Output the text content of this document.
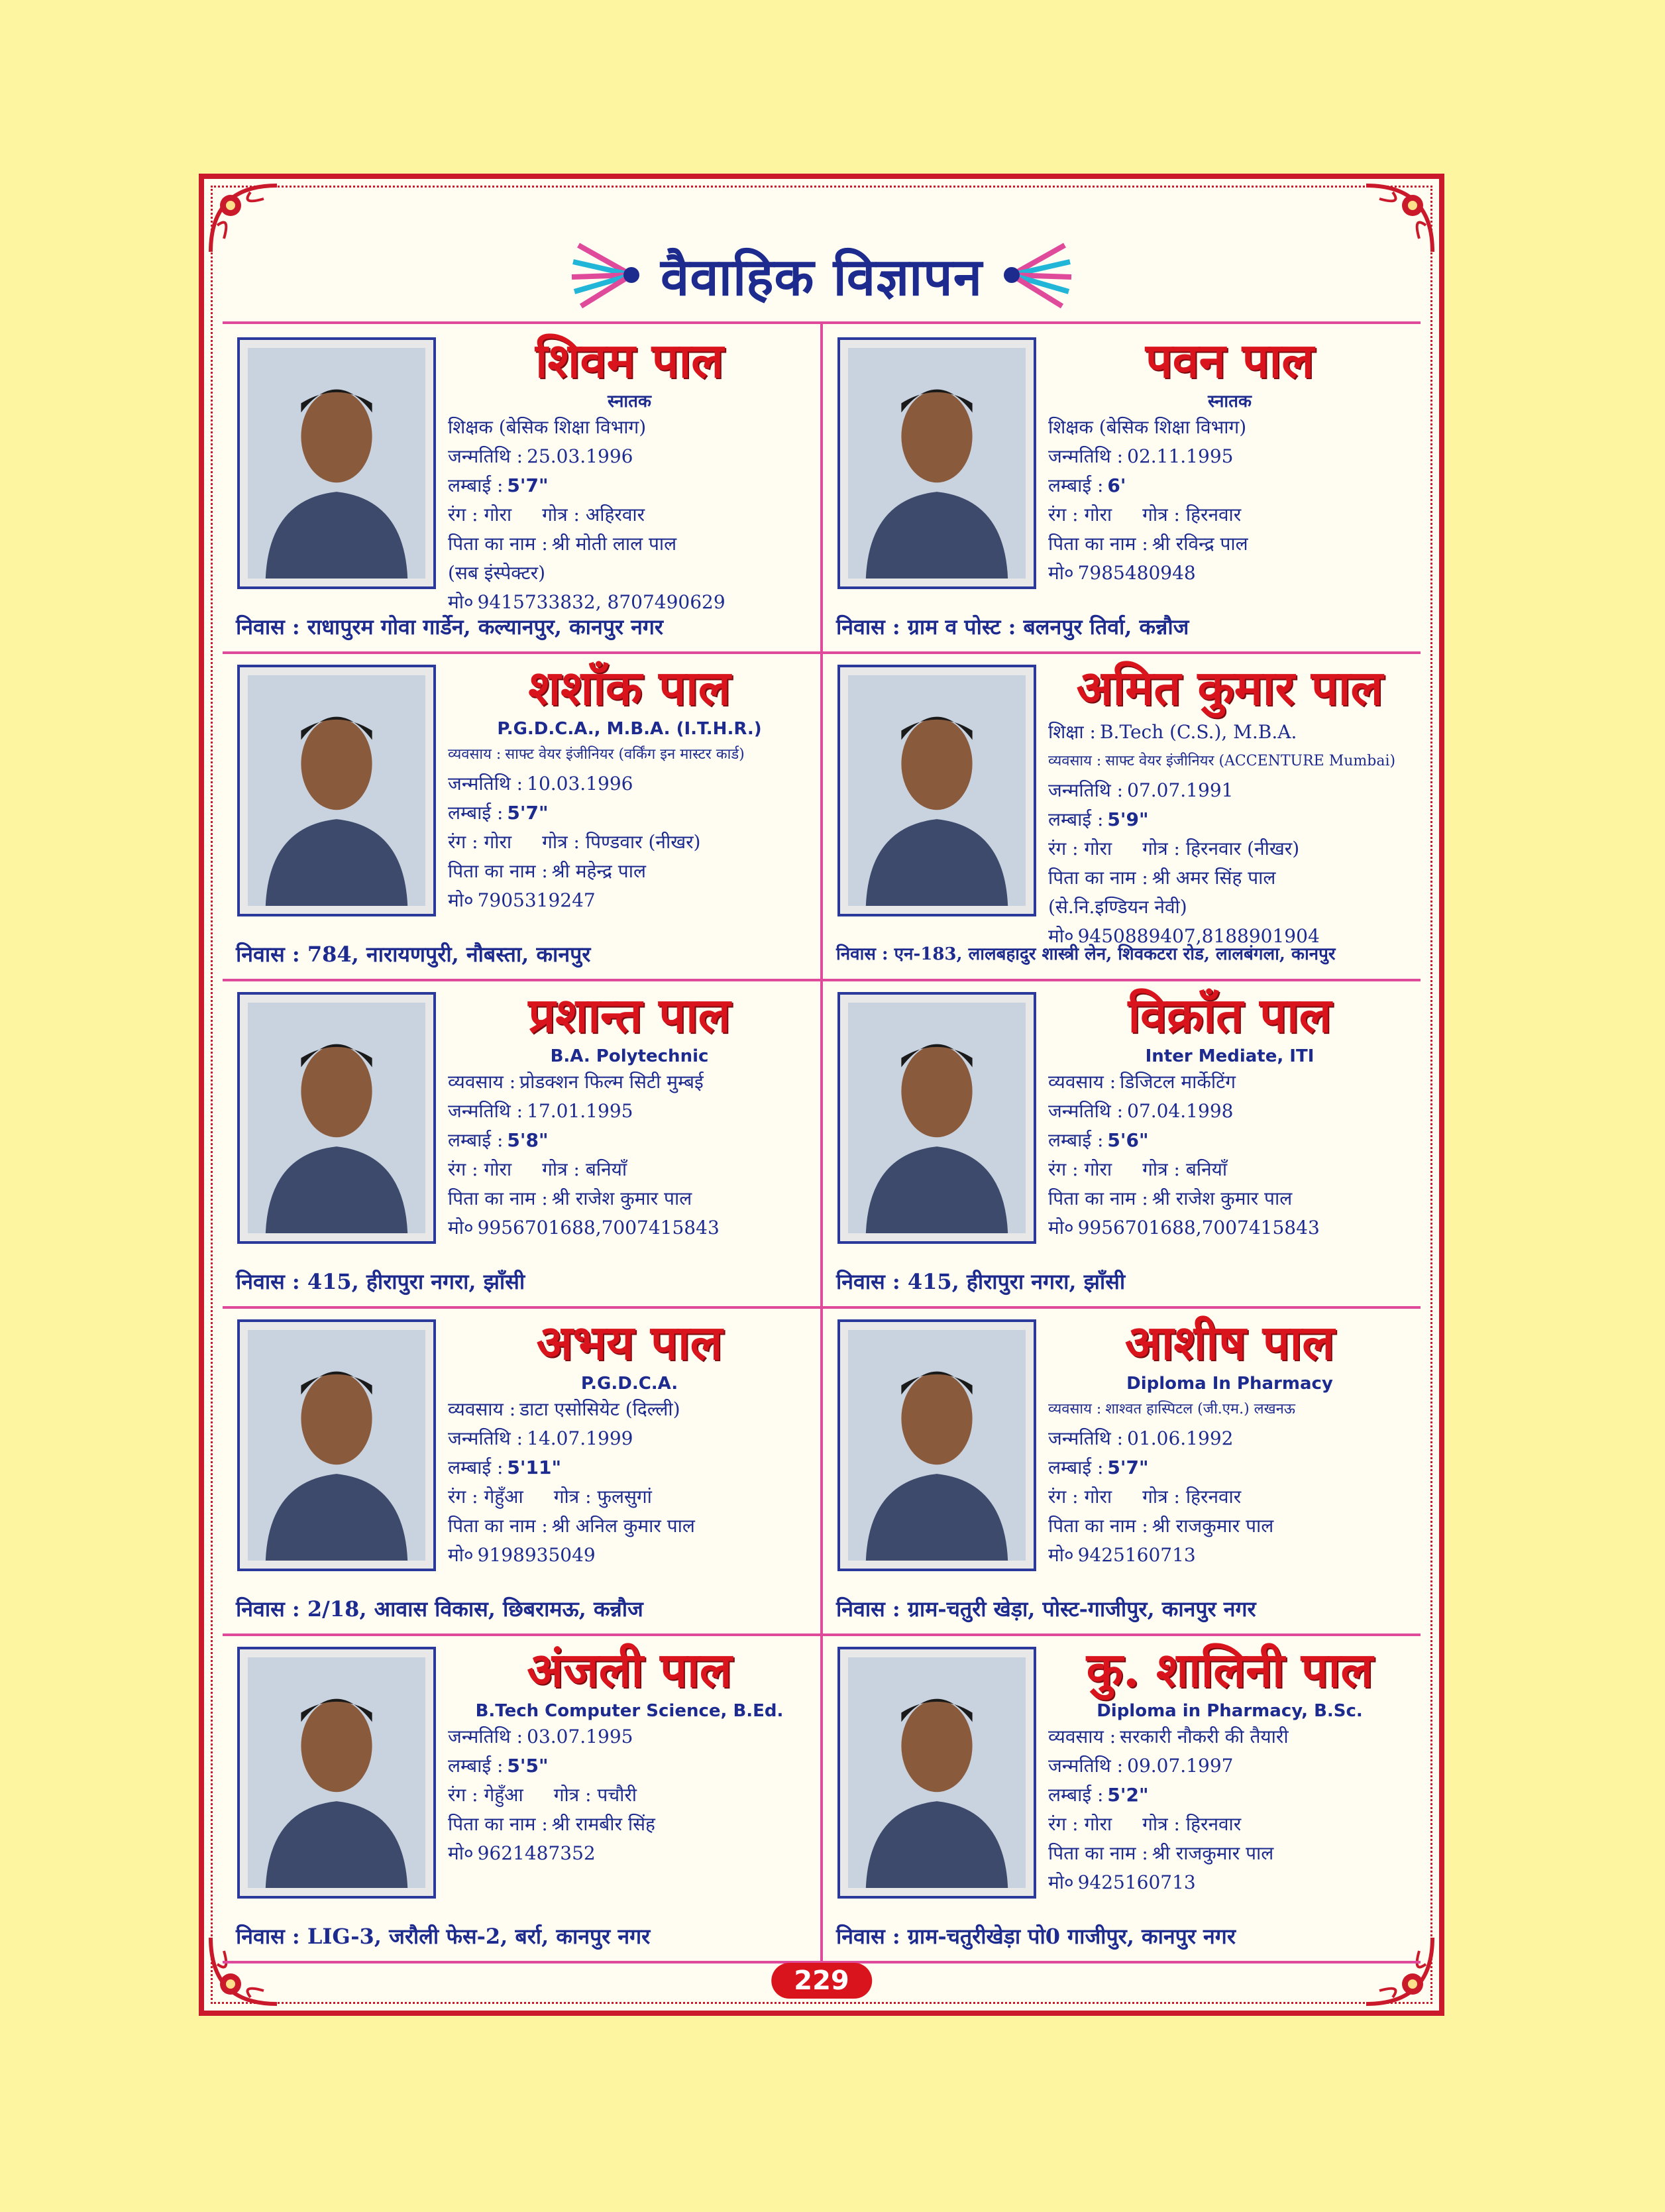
वैवाहिक विज्ञापन
शिवम पाल
स्नातक
शिक्षक (बेसिक शिक्षा विभाग)
जन्मतिथि : 25.03.1996
लम्बाई : 5'7"
रंग : गोरा गोत्र : अहिरवार
पिता का नाम : श्री मोती लाल पाल
(सब इंस्पेक्टर)
मो० 9415733832, 8707490629
निवास : राधापुरम गोवा गार्डेन, कल्यानपुर, कानपुर नगर
पवन पाल
स्नातक
शिक्षक (बेसिक शिक्षा विभाग)
जन्मतिथि : 02.11.1995
लम्बाई : 6'
रंग : गोरा गोत्र : हिरनवार
पिता का नाम : श्री रविन्द्र पाल
मो० 7985480948
निवास : ग्राम व पोस्ट : बलनपुर तिर्वा, कन्नौज
शशाँक पाल
P.G.D.C.A., M.B.A. (I.T.H.R.)
व्यवसाय : साफ्ट वेयर इंजीनियर (वर्किंग इन मास्टर कार्ड)
जन्मतिथि : 10.03.1996
लम्बाई : 5'7"
रंग : गोरा गोत्र : पिण्डवार (नीखर)
पिता का नाम : श्री महेन्द्र पाल
मो० 7905319247
निवास : 784, नारायणपुरी, नौबस्ता, कानपुर
अमित कुमार पाल
शिक्षा : B.Tech (C.S.), M.B.A.
व्यवसाय : साफ्ट वेयर इंजीनियर (ACCENTURE Mumbai)
जन्मतिथि : 07.07.1991
लम्बाई : 5'9"
रंग : गोरा गोत्र : हिरनवार (नीखर)
पिता का नाम : श्री अमर सिंह पाल
(से.नि.इण्डियन नेवी)
मो० 9450889407,8188901904
निवास : एन-183, लालबहादुर शास्त्री लेन, शिवकटरा रोड, लालबंगला, कानपुर
प्रशान्त पाल
B.A. Polytechnic
व्यवसाय : प्रोडक्शन फिल्म सिटी मुम्बई
जन्मतिथि : 17.01.1995
लम्बाई : 5'8"
रंग : गोरा गोत्र : बनियाँ
पिता का नाम : श्री राजेश कुमार पाल
मो० 9956701688,7007415843
निवास : 415, हीरापुरा नगरा, झाँसी
विक्राँत पाल
Inter Mediate, ITI
व्यवसाय : डिजिटल मार्केटिंग
जन्मतिथि : 07.04.1998
लम्बाई : 5'6"
रंग : गोरा गोत्र : बनियाँ
पिता का नाम : श्री राजेश कुमार पाल
मो० 9956701688,7007415843
निवास : 415, हीरापुरा नगरा, झाँसी
अभय पाल
P.G.D.C.A.
व्यवसाय : डाटा एसोसियेट (दिल्ली)
जन्मतिथि : 14.07.1999
लम्बाई : 5'11"
रंग : गेहुँआ गोत्र : फुलसुगां
पिता का नाम : श्री अनिल कुमार पाल
मो० 9198935049
निवास : 2/18, आवास विकास, छिबरामऊ, कन्नौज
आशीष पाल
Diploma In Pharmacy
व्यवसाय : शाश्वत हास्पिटल (जी.एम.) लखनऊ
जन्मतिथि : 01.06.1992
लम्बाई : 5'7"
रंग : गोरा गोत्र : हिरनवार
पिता का नाम : श्री राजकुमार पाल
मो० 9425160713
निवास : ग्राम-चतुरी खेड़ा, पोस्ट-गाजीपुर, कानपुर नगर
अंजली पाल
B.Tech Computer Science, B.Ed.
जन्मतिथि : 03.07.1995
लम्बाई : 5'5"
रंग : गेहुँआ गोत्र : पचौरी
पिता का नाम : श्री रामबीर सिंह
मो० 9621487352
निवास : LIG-3, जरौली फेस-2, बर्रा, कानपुर नगर
कु. शालिनी पाल
Diploma in Pharmacy, B.Sc.
व्यवसाय : सरकारी नौकरी की तैयारी
जन्मतिथि : 09.07.1997
लम्बाई : 5'2"
रंग : गोरा गोत्र : हिरनवार
पिता का नाम : श्री राजकुमार पाल
मो० 9425160713
निवास : ग्राम-चतुरीखेड़ा पो0 गाजीपुर, कानपुर नगर
229
